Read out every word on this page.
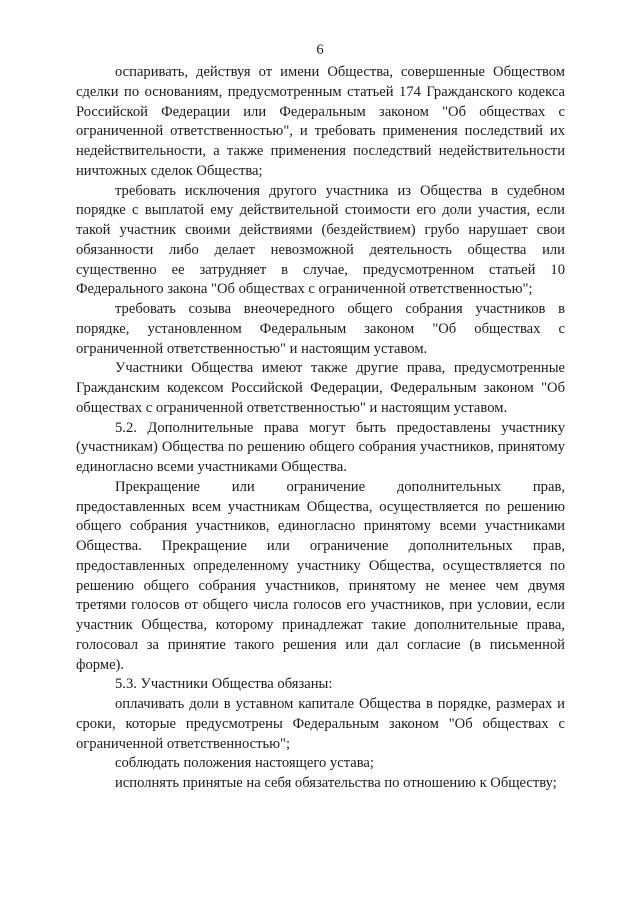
6

оспаривать, действуя от имени Общества, совершенные Обществом сделки по основаниям, предусмотренным статьей 174 Гражданского кодекса Российской Федерации или Федеральным законом "Об обществах с ограниченной ответственностью", и требовать применения последствий их недействительности, а также применения последствий недействительности ничтожных сделок Общества;

требовать исключения другого участника из Общества в судебном порядке с выплатой ему действительной стоимости его доли участия, если такой участник своими действиями (бездействием) грубо нарушает свои обязанности либо делает невозможной деятельность общества или существенно ее затрудняет в случае, предусмотренном статьей 10 Федерального закона "Об обществах с ограниченной ответственностью";

требовать созыва внеочередного общего собрания участников в порядке, установленном Федеральным законом "Об обществах с ограниченной ответственностью" и настоящим уставом.

Участники Общества имеют также другие права, предусмотренные Гражданским кодексом Российской Федерации, Федеральным законом "Об обществах с ограниченной ответственностью" и настоящим уставом.

5.2. Дополнительные права могут быть предоставлены участнику (участникам) Общества по решению общего собрания участников, принятому единогласно всеми участниками Общества.

Прекращение или ограничение дополнительных прав, предоставленных всем участникам Общества, осуществляется по решению общего собрания участников, единогласно принятому всеми участниками Общества. Прекращение или ограничение дополнительных прав, предоставленных определенному участнику Общества, осуществляется по решению общего собрания участников, принятому не менее чем двумя третями голосов от общего числа голосов его участников, при условии, если участник Общества, которому принадлежат такие дополнительные права, голосовал за принятие такого решения или дал согласие (в письменной форме).

5.3. Участники Общества обязаны:

оплачивать доли в уставном капитале Общества в порядке, размерах и сроки, которые предусмотрены Федеральным законом "Об обществах с ограниченной ответственностью";

соблюдать положения настоящего устава;

исполнять принятые на себя обязательства по отношению к Обществу;
